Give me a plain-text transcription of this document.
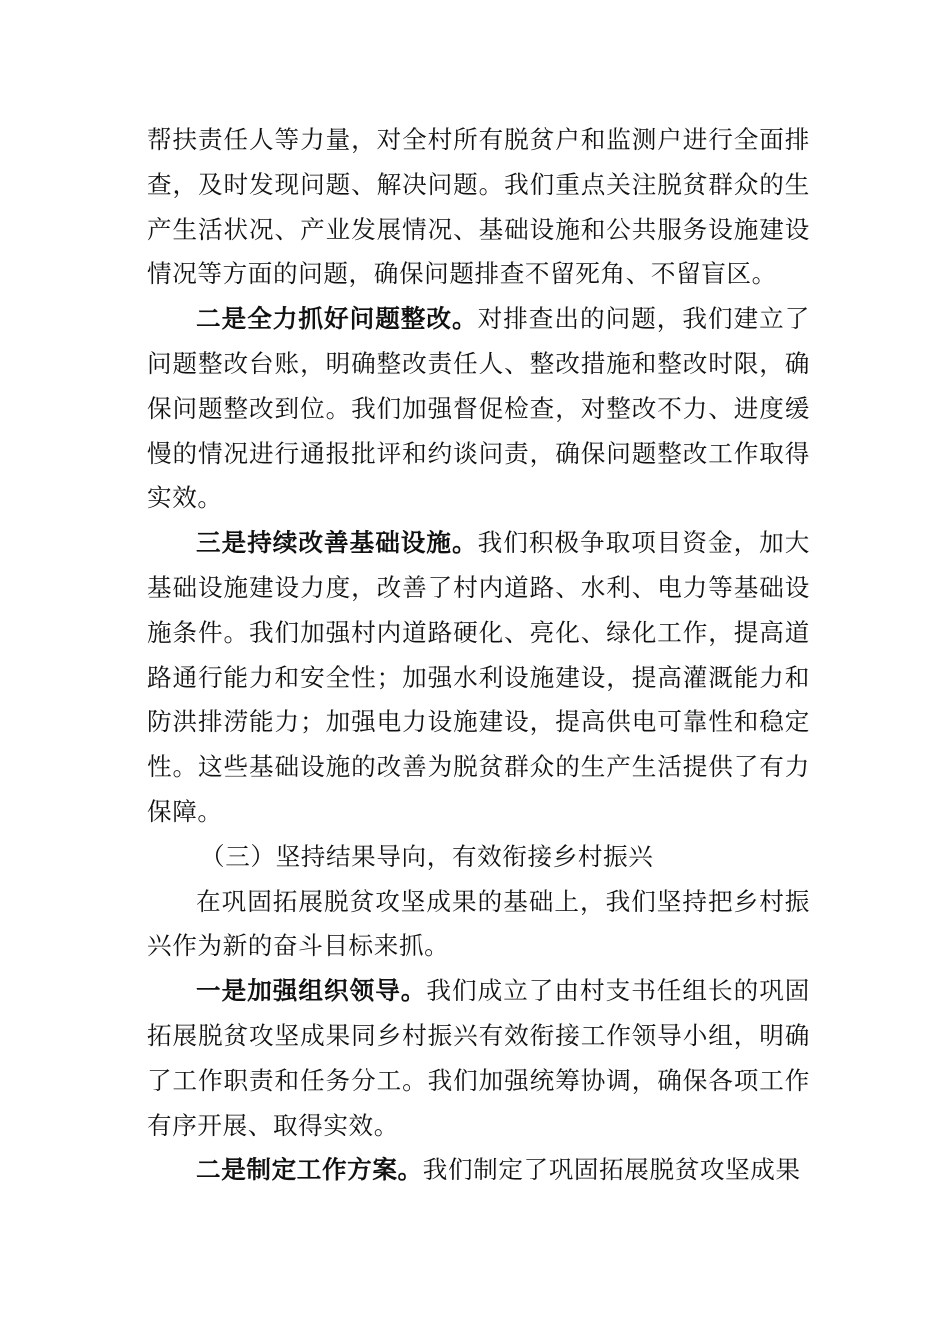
帮扶责任人等力量，对全村所有脱贫户和监测户进行全面排查，及时发现问题、解决问题。我们重点关注脱贫群众的生产生活状况、产业发展情况、基础设施和公共服务设施建设情况等方面的问题，确保问题排查不留死角、不留盲区。

二是全力抓好问题整改。对排查出的问题，我们建立了问题整改台账，明确整改责任人、整改措施和整改时限，确保问题整改到位。我们加强督促检查，对整改不力、进度缓慢的情况进行通报批评和约谈问责，确保问题整改工作取得实效。

三是持续改善基础设施。我们积极争取项目资金，加大基础设施建设力度，改善了村内道路、水利、电力等基础设施条件。我们加强村内道路硬化、亮化、绿化工作，提高道路通行能力和安全性；加强水利设施建设，提高灌溉能力和防洪排涝能力；加强电力设施建设，提高供电可靠性和稳定性。这些基础设施的改善为脱贫群众的生产生活提供了有力保障。

（三）坚持结果导向，有效衔接乡村振兴

在巩固拓展脱贫攻坚成果的基础上，我们坚持把乡村振兴作为新的奋斗目标来抓。

一是加强组织领导。我们成立了由村支书任组长的巩固拓展脱贫攻坚成果同乡村振兴有效衔接工作领导小组，明确了工作职责和任务分工。我们加强统筹协调，确保各项工作有序开展、取得实效。

二是制定工作方案。我们制定了巩固拓展脱贫攻坚成果
